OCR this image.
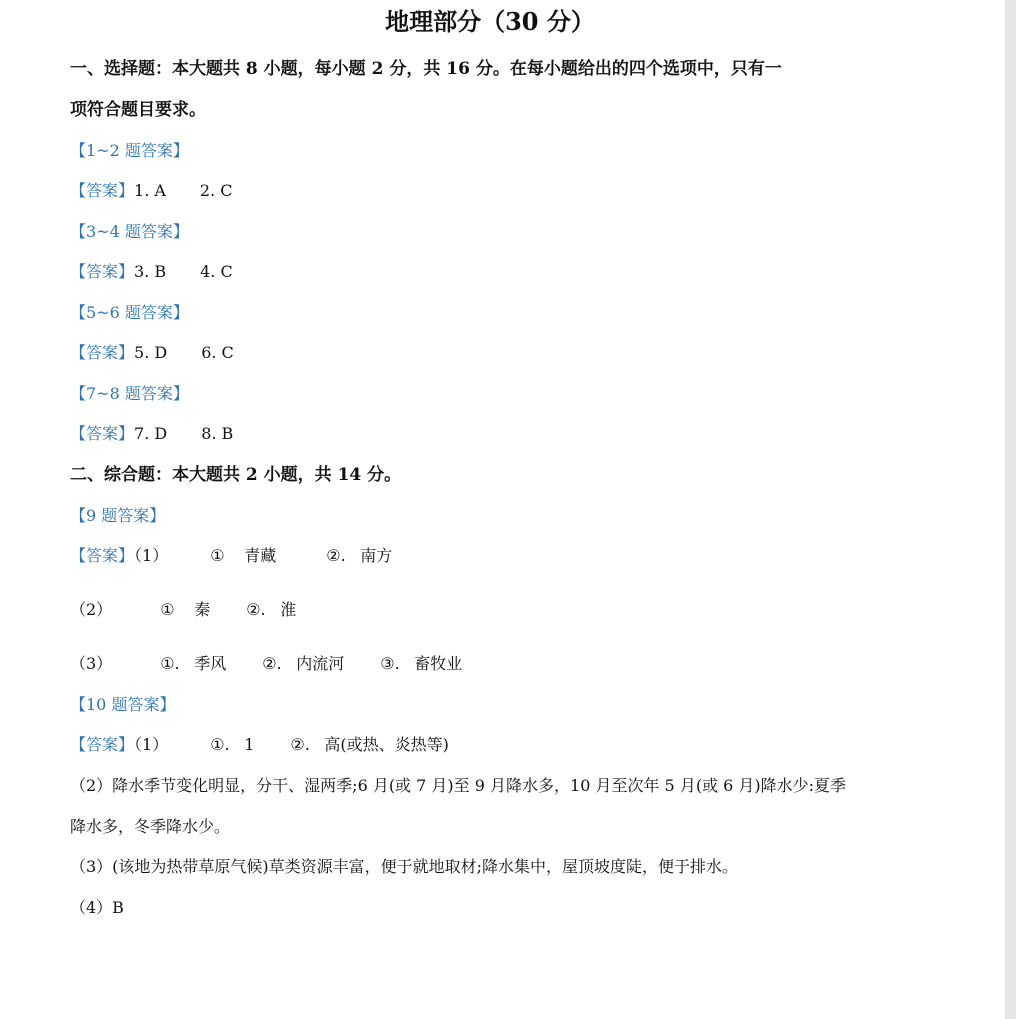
地理部分（30 分）
一、选择题：本大题共 8 小题，每小题 2 分，共 16 分。在每小题给出的四个选项中，只有一
项符合题目要求。
【1~2 题答案】
【答案】1. A 2. C
【3~4 题答案】
【答案】3. B 4. C
【5~6 题答案】
【答案】5. D 6. C
【7~8 题答案】
【答案】7. D 8. B
二、综合题：本大题共 2 小题，共 14 分。
【9 题答案】
【答案】（1）	① 青藏	②. 南方
（2）	① 秦 ②. 淮
（3）	①. 季风 ②. 内流河 ③. 畜牧业
【10 题答案】
【答案】（1）	①. 1 ②. 高(或热、炎热等)
（2）降水季节变化明显，分干、湿两季;6 月(或 7 月)至 9 月降水多，10 月至次年 5 月(或 6 月)降水少:夏季
降水多，冬季降水少。
（3）(该地为热带草原气候)草类资源丰富，便于就地取材;降水集中，屋顶坡度陡，便于排水。
（4）B
